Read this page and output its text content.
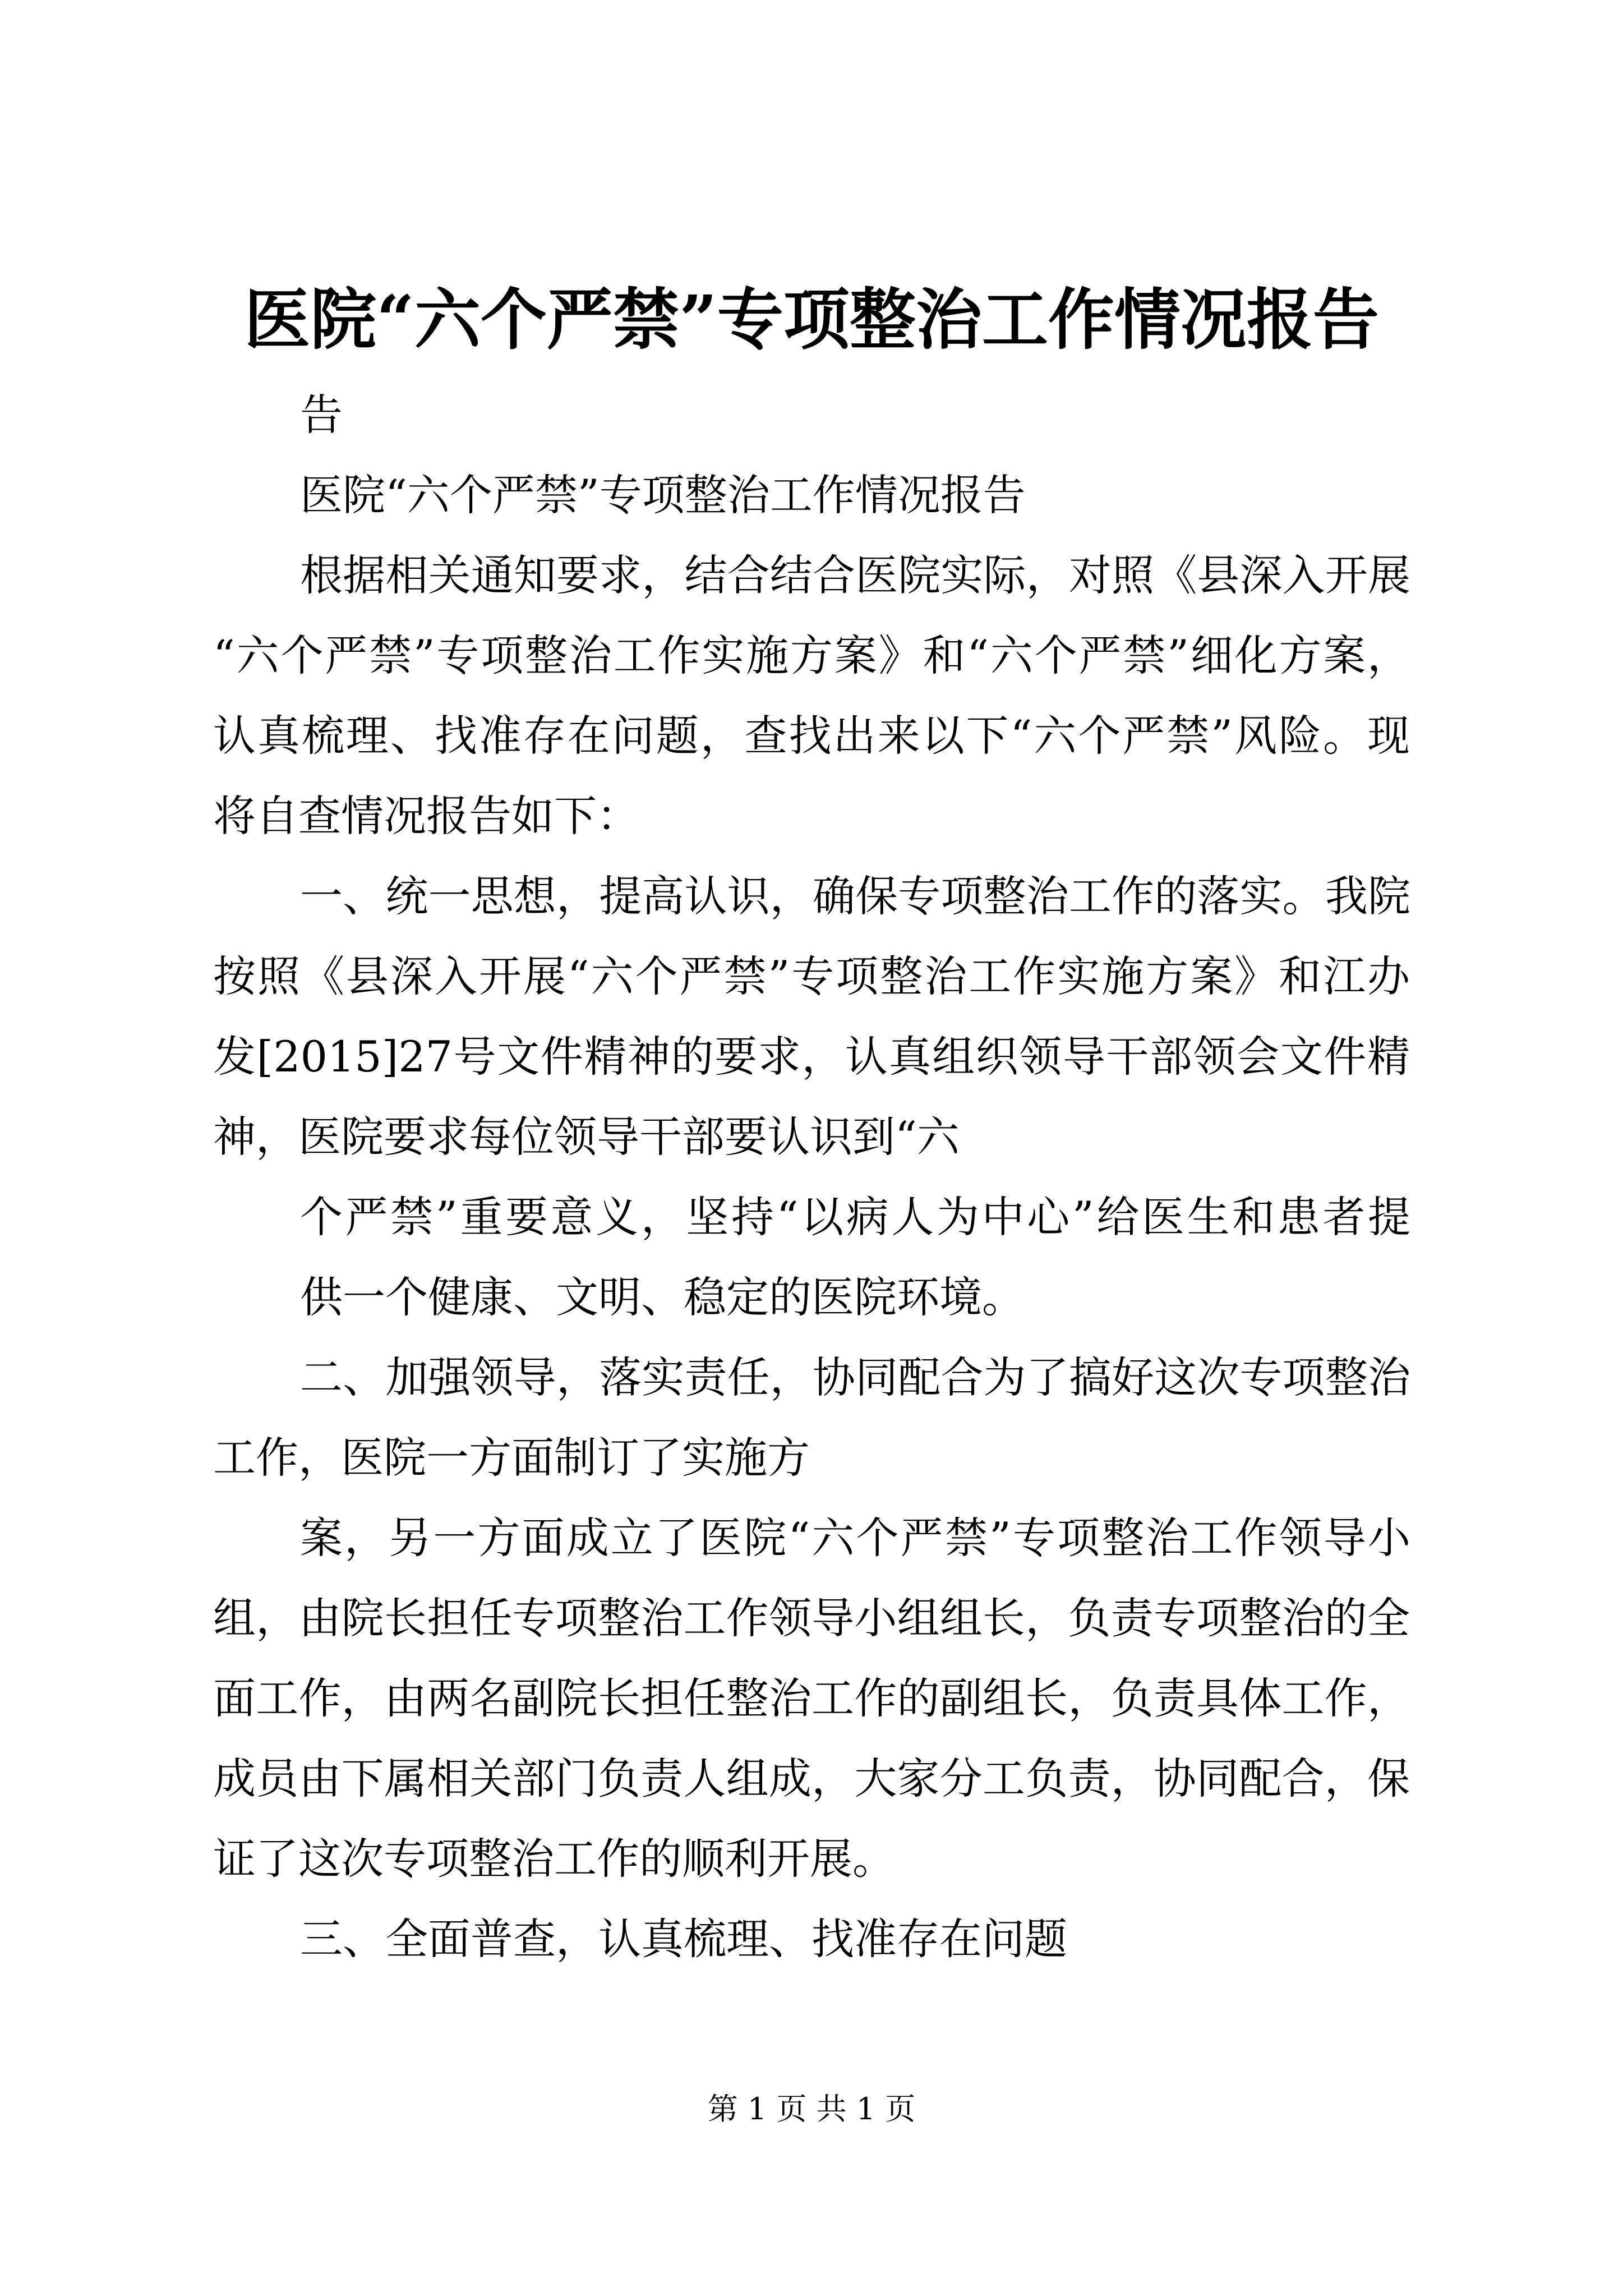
医院“六个严禁”专项整治工作情况报告

告

医院“六个严禁”专项整治工作情况报告

根据相关通知要求，结合结合医院实际，对照《县深入开展

“六个严禁”专项整治工作实施方案》和“六个严禁”细化方案，

认真梳理、找准存在问题，查找出来以下“六个严禁”风险。现

将自查情况报告如下：

一、统一思想，提高认识，确保专项整治工作的落实。我院

按照《县深入开展“六个严禁”专项整治工作实施方案》和江办

发[2015]27号文件精神的要求，认真组织领导干部领会文件精

神，医院要求每位领导干部要认识到“六

个严禁”重要意义，坚持“以病人为中心”给医生和患者提

供一个健康、文明、稳定的医院环境。

二、加强领导，落实责任，协同配合为了搞好这次专项整治

工作，医院一方面制订了实施方

案，另一方面成立了医院“六个严禁”专项整治工作领导小

组，由院长担任专项整治工作领导小组组长，负责专项整治的全

面工作，由两名副院长担任整治工作的副组长，负责具体工作，

成员由下属相关部门负责人组成，大家分工负责，协同配合，保

证了这次专项整治工作的顺利开展。

三、全面普查，认真梳理、找准存在问题

第 1 页 共 1 页
